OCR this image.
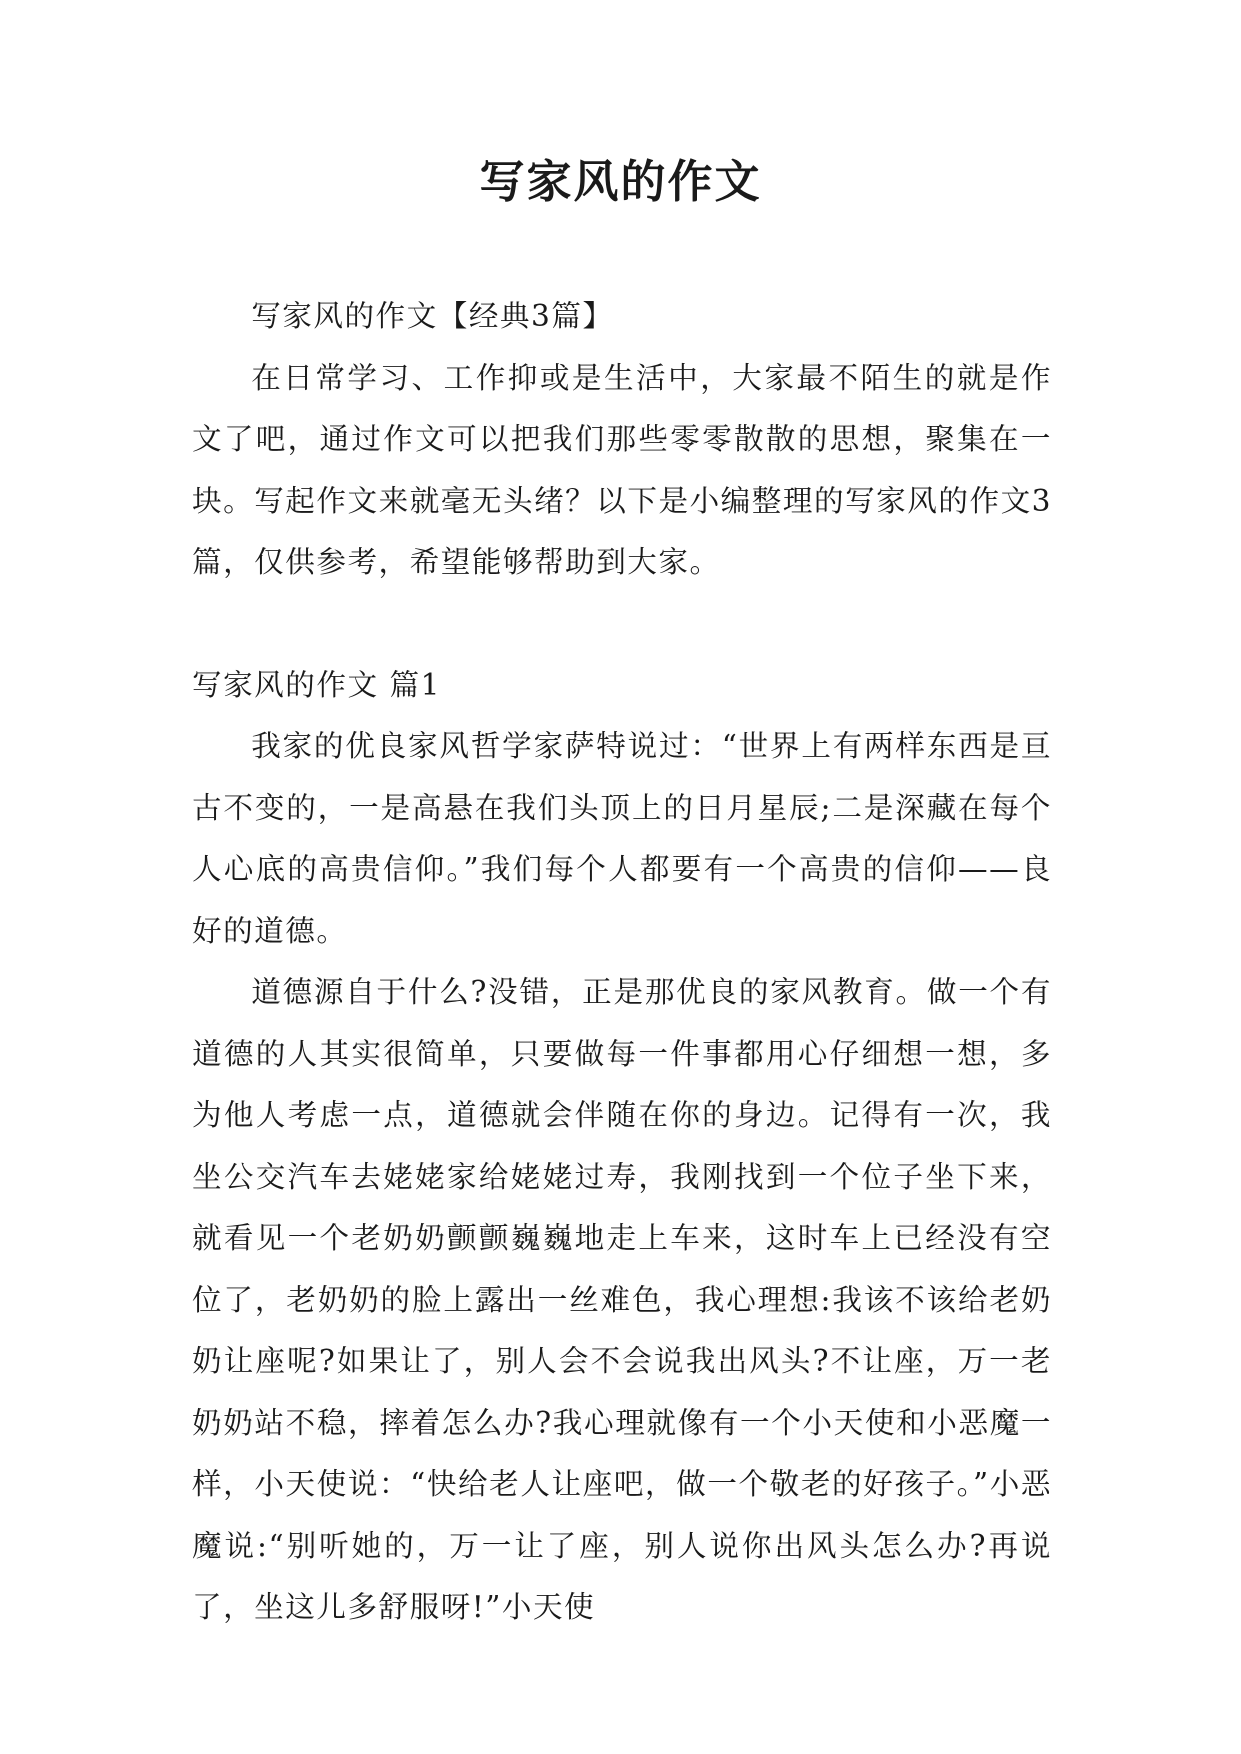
写家风的作文

写家风的作文【经典3篇】

在日常学习、工作抑或是生活中，大家最不陌生的就是作文了吧，通过作文可以把我们那些零零散散的思想，聚集在一块。写起作文来就毫无头绪？以下是小编整理的写家风的作文3篇，仅供参考，希望能够帮助到大家。

写家风的作文 篇1

我家的优良家风哲学家萨特说过：“世界上有两样东西是亘古不变的，一是高悬在我们头顶上的日月星辰;二是深藏在每个人心底的高贵信仰。”我们每个人都要有一个高贵的信仰——良好的道德。

道德源自于什么?没错，正是那优良的家风教育。做一个有道德的人其实很简单，只要做每一件事都用心仔细想一想，多为他人考虑一点，道德就会伴随在你的身边。记得有一次，我坐公交汽车去姥姥家给姥姥过寿，我刚找到一个位子坐下来，就看见一个老奶奶颤颤巍巍地走上车来，这时车上已经没有空位了，老奶奶的脸上露出一丝难色，我心理想:我该不该给老奶奶让座呢?如果让了，别人会不会说我出风头?不让座，万一老奶奶站不稳，摔着怎么办?我心理就像有一个小天使和小恶魔一样，小天使说：“快给老人让座吧，做一个敬老的好孩子。”小恶魔说:“别听她的，万一让了座，别人说你出风头怎么办?再说了，坐这儿多舒服呀!”小天使
